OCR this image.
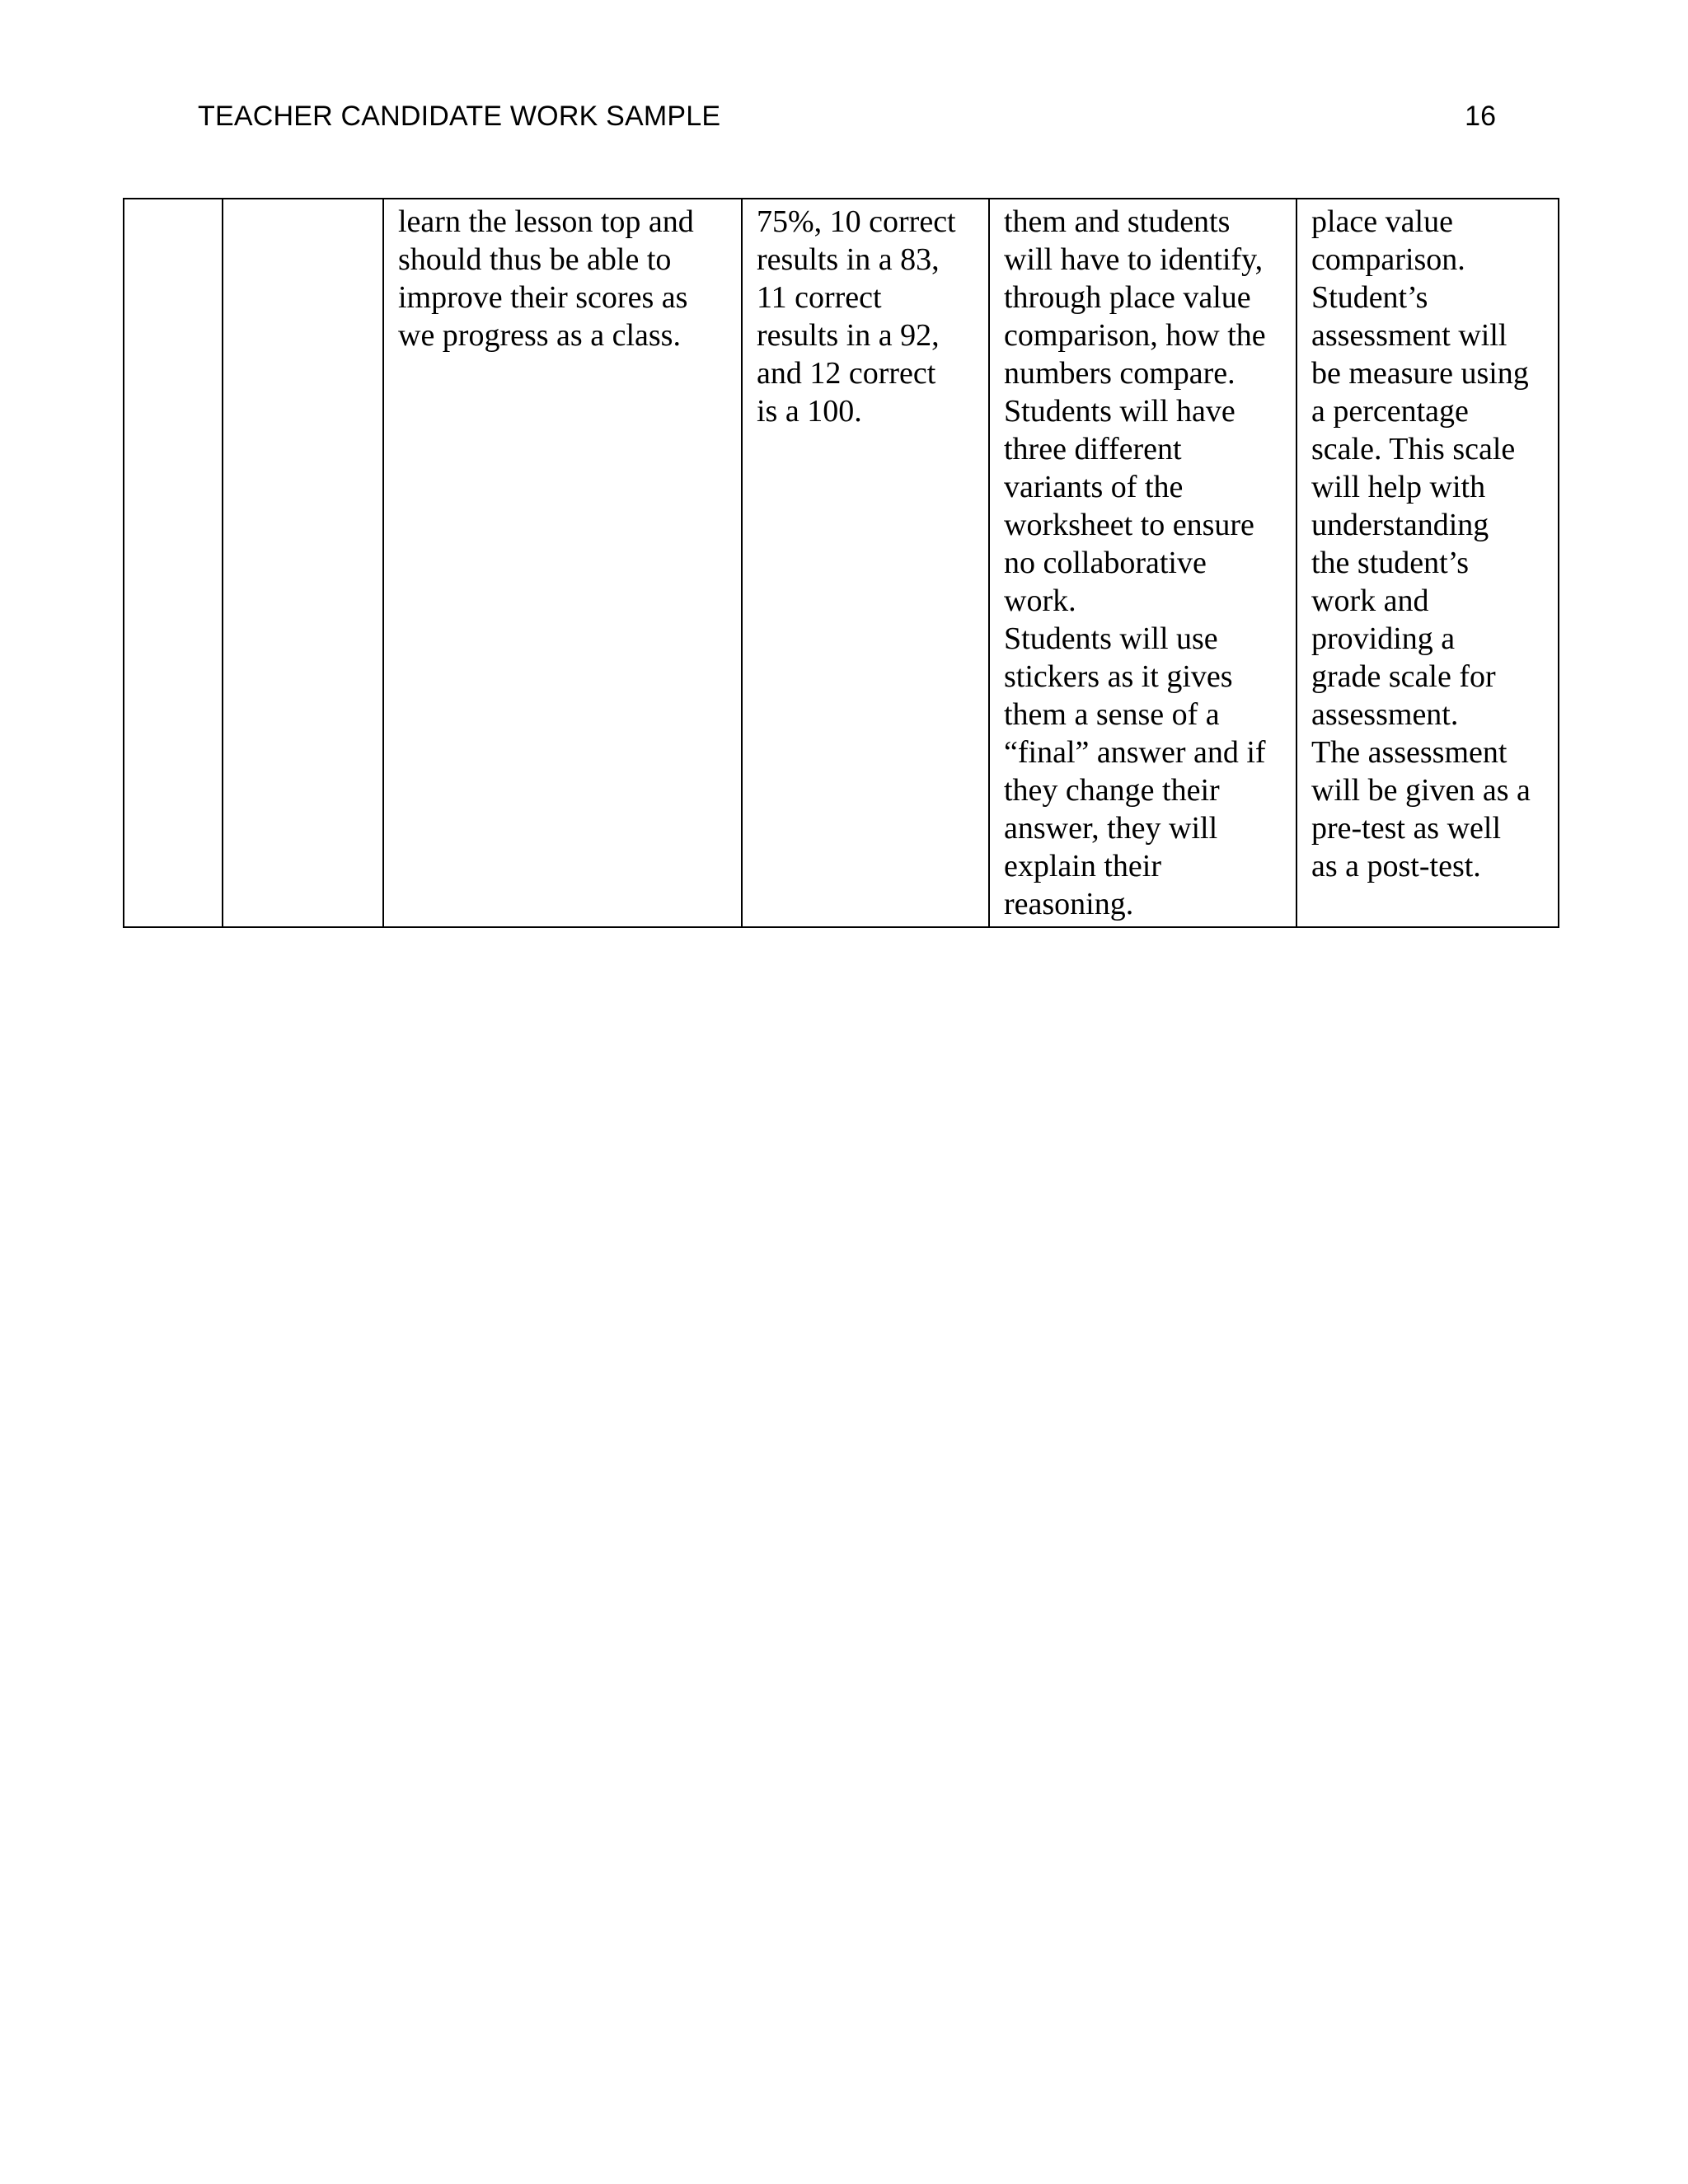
TEACHER CANDIDATE WORK SAMPLE	16
		learn the lesson top and
should thus be able to
improve their scores as
we progress as a class.	75%, 10 correct
results in a 83,
11 correct
results in a 92,
and 12 correct
is a 100.	them and students
will have to identify,
through place value
comparison, how the
numbers compare.
Students will have
three different
variants of the
worksheet to ensure
no collaborative
work.
Students will use
stickers as it gives
them a sense of a
“final” answer and if
they change their
answer, they will
explain their
reasoning.	place value
comparison.
Student’s
assessment will
be measure using
a percentage
scale. This scale
will help with
understanding
the student’s
work and
providing a
grade scale for
assessment.
The assessment
will be given as a
pre-test as well
as a post-test.
